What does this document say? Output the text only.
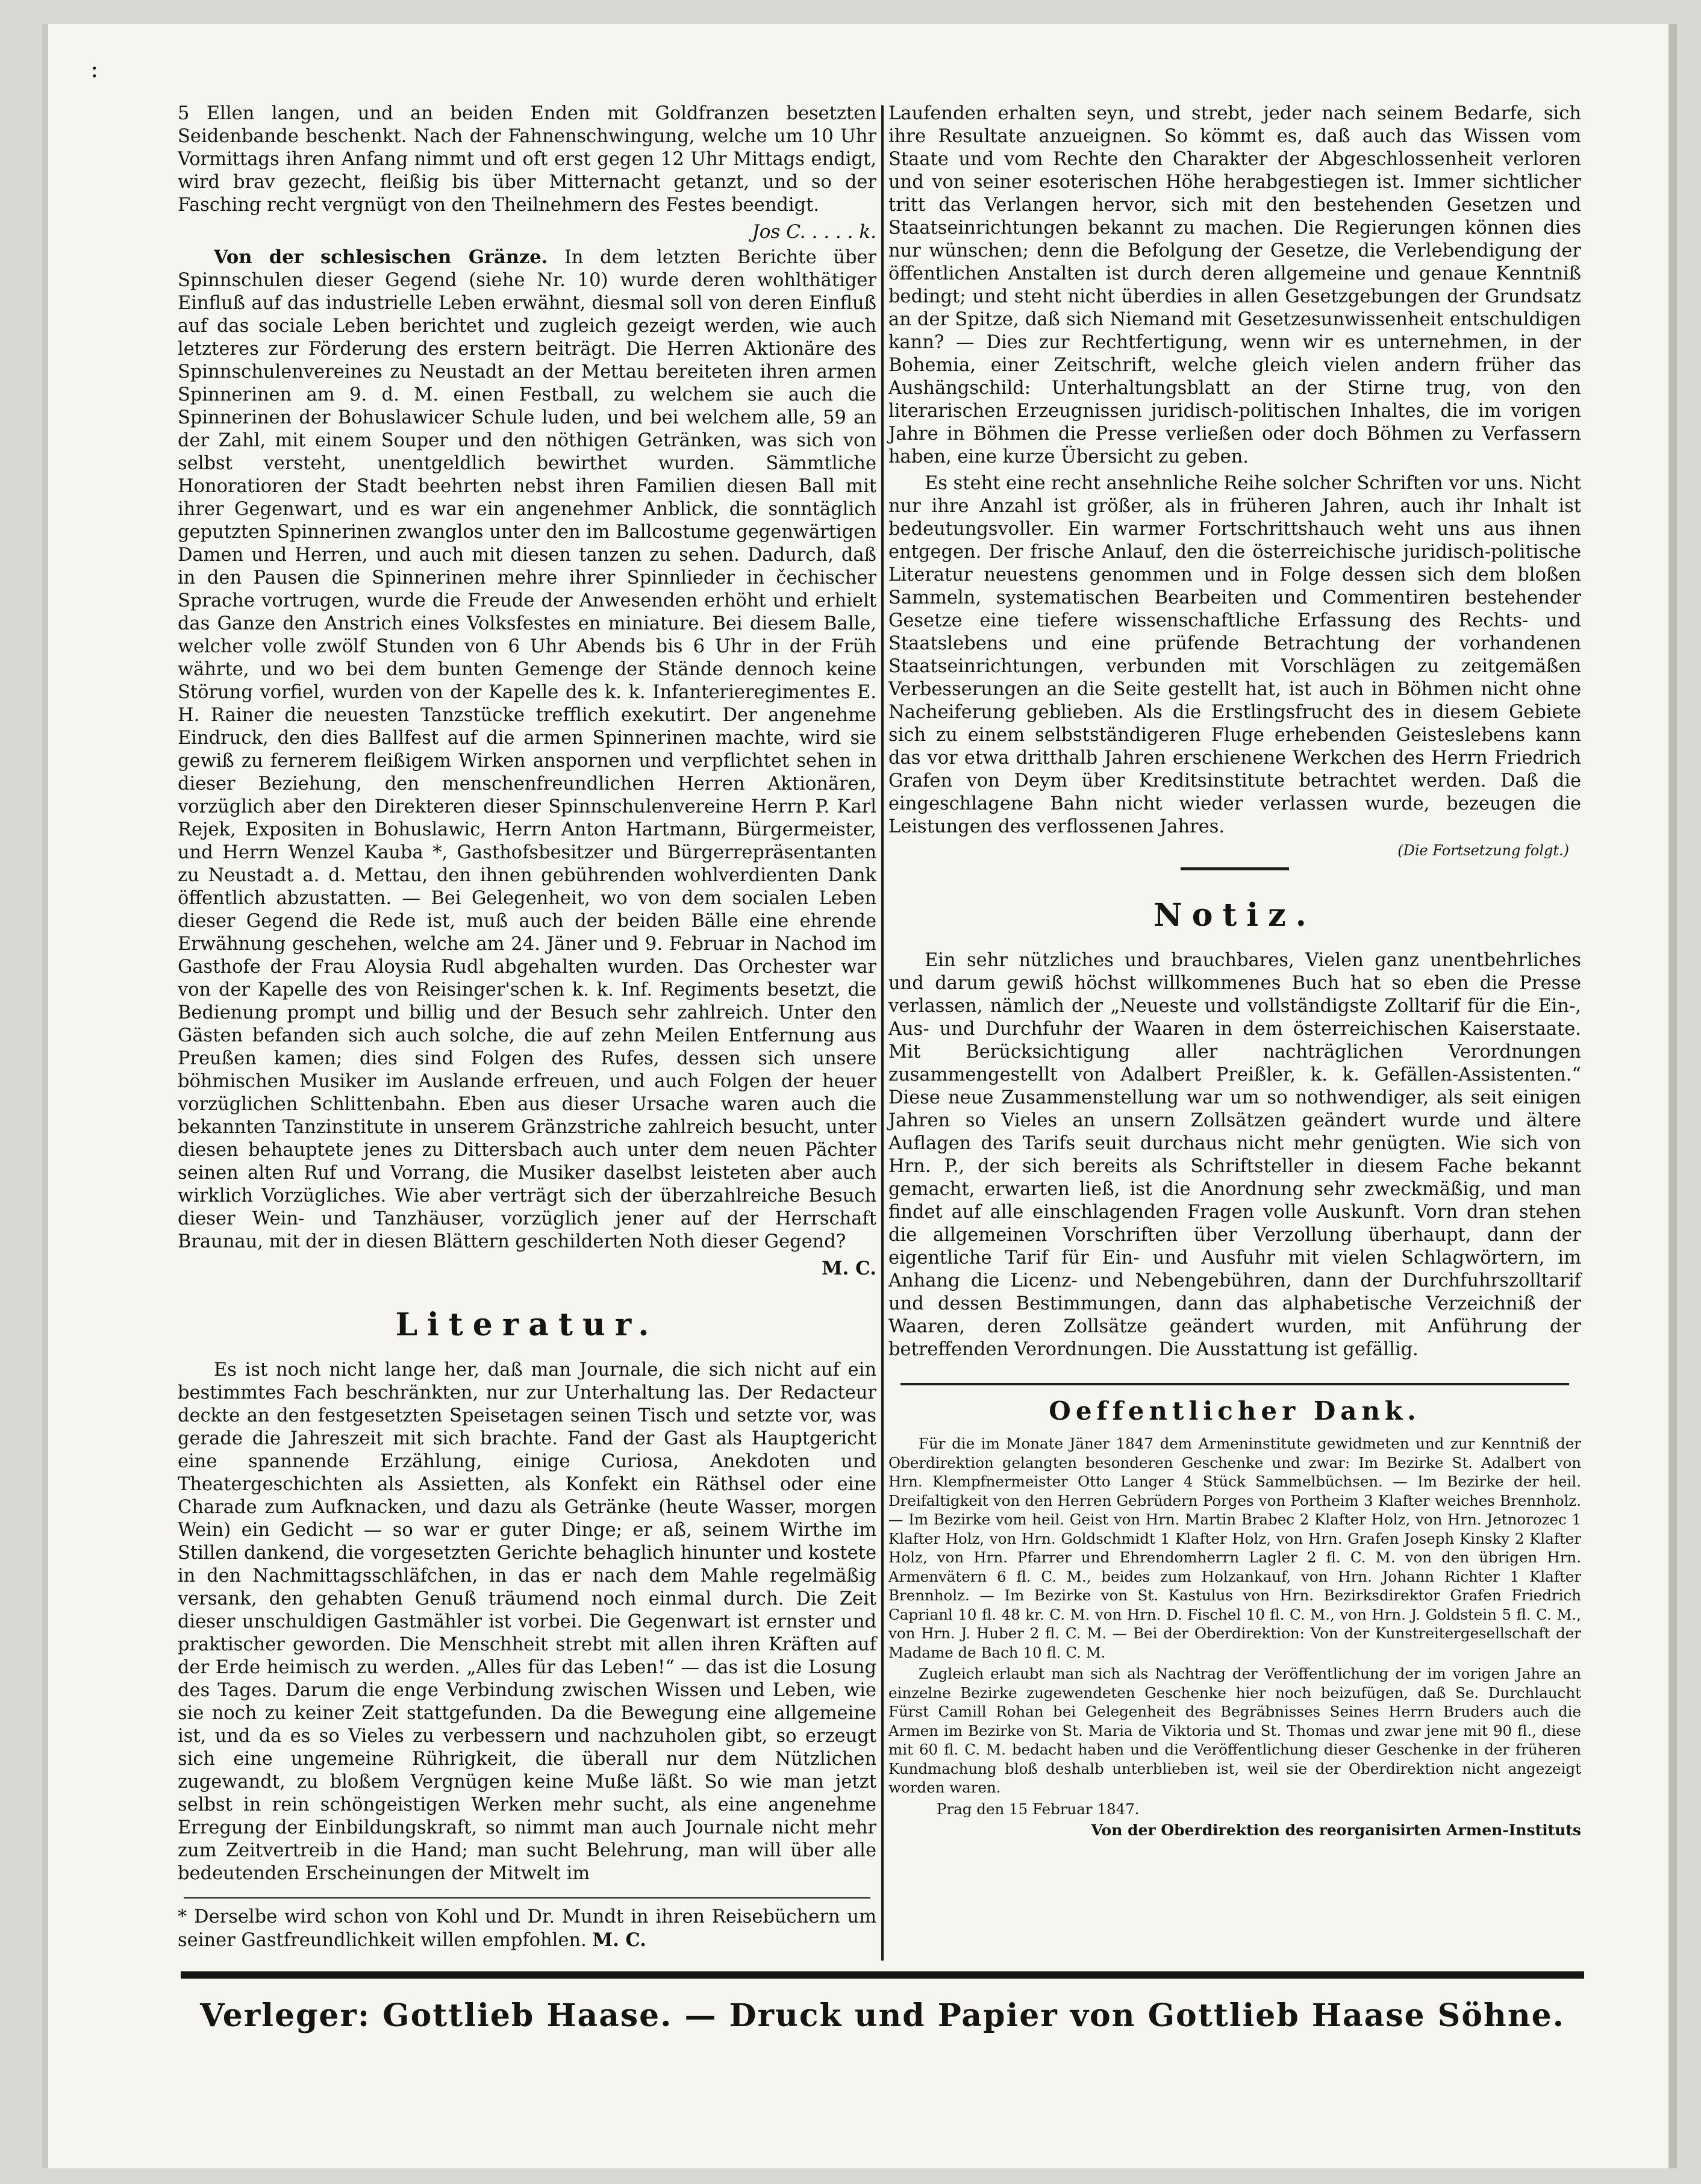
:

5 Ellen langen, und an beiden Enden mit Goldfranzen besetzten Seidenbande beschenkt. Nach der Fahnenschwingung, welche um 10 Uhr Vormittags ihren Anfang nimmt und oft erst gegen 12 Uhr Mittags endigt, wird brav gezecht, fleißig bis über Mitternacht getanzt, und so der Fasching recht vergnügt von den Theilnehmern des Festes beendigt.

Jos C. . . . . k.

Von der schlesischen Gränze. In dem letzten Berichte über Spinnschulen dieser Gegend (siehe Nr. 10) wurde deren wohlthätiger Einfluß auf das industrielle Leben erwähnt, diesmal soll von deren Einfluß auf das sociale Leben berichtet und zugleich gezeigt werden, wie auch letzteres zur Förderung des erstern beiträgt. Die Herren Aktionäre des Spinnschulenvereines zu Neustadt an der Mettau bereiteten ihren armen Spinnerinen am 9. d. M. einen Festball, zu welchem sie auch die Spinnerinen der Bohuslawicer Schule luden, und bei welchem alle, 59 an der Zahl, mit einem Souper und den nöthigen Getränken, was sich von selbst versteht, unentgeldlich bewirthet wurden. Sämmtliche Honoratioren der Stadt beehrten nebst ihren Familien diesen Ball mit ihrer Gegenwart, und es war ein angenehmer Anblick, die sonntäglich geputzten Spinnerinen zwanglos unter den im Ballcostume gegenwärtigen Damen und Herren, und auch mit diesen tanzen zu sehen. Dadurch, daß in den Pausen die Spinnerinen mehre ihrer Spinnlieder in čechischer Sprache vortrugen, wurde die Freude der Anwesenden erhöht und erhielt das Ganze den Anstrich eines Volksfestes en miniature. Bei diesem Balle, welcher volle zwölf Stunden von 6 Uhr Abends bis 6 Uhr in der Früh währte, und wo bei dem bunten Gemenge der Stände dennoch keine Störung vorfiel, wurden von der Kapelle des k. k. Infanterieregimentes E. H. Rainer die neuesten Tanzstücke trefflich exekutirt. Der angenehme Eindruck, den dies Ballfest auf die armen Spinnerinen machte, wird sie gewiß zu fernerem fleißigem Wirken anspornen und verpflichtet sehen in dieser Beziehung, den menschenfreundlichen Herren Aktionären, vorzüglich aber den Direkteren dieser Spinnschulenvereine Herrn P. Karl Rejek, Expositen in Bohuslawic, Herrn Anton Hartmann, Bürgermeister, und Herrn Wenzel Kauba *, Gasthofsbesitzer und Bürgerrepräsentanten zu Neustadt a. d. Mettau, den ihnen gebührenden wohlverdienten Dank öffentlich abzustatten. — Bei Gelegenheit, wo von dem socialen Leben dieser Gegend die Rede ist, muß auch der beiden Bälle eine ehrende Erwähnung geschehen, welche am 24. Jäner und 9. Februar in Nachod im Gasthofe der Frau Aloysia Rudl abgehalten wurden. Das Orchester war von der Kapelle des von Reisinger'schen k. k. Inf. Regiments besetzt, die Bedienung prompt und billig und der Besuch sehr zahlreich. Unter den Gästen befanden sich auch solche, die auf zehn Meilen Entfernung aus Preußen kamen; dies sind Folgen des Rufes, dessen sich unsere böhmischen Musiker im Auslande erfreuen, und auch Folgen der heuer vorzüglichen Schlittenbahn. Eben aus dieser Ursache waren auch die bekannten Tanzinstitute in unserem Gränzstriche zahlreich besucht, unter diesen behauptete jenes zu Dittersbach auch unter dem neuen Pächter seinen alten Ruf und Vorrang, die Musiker daselbst leisteten aber auch wirklich Vorzügliches. Wie aber verträgt sich der überzahlreiche Besuch dieser Wein- und Tanzhäuser, vorzüglich jener auf der Herrschaft Braunau, mit der in diesen Blättern geschilderten Noth dieser Gegend?

M. C.
Literatur.

Es ist noch nicht lange her, daß man Journale, die sich nicht auf ein bestimmtes Fach beschränkten, nur zur Unterhaltung las. Der Redacteur deckte an den festgesetzten Speisetagen seinen Tisch und setzte vor, was gerade die Jahreszeit mit sich brachte. Fand der Gast als Hauptgericht eine spannende Erzählung, einige Curiosa, Anekdoten und Theatergeschichten als Assietten, als Konfekt ein Räthsel oder eine Charade zum Aufknacken, und dazu als Getränke (heute Wasser, morgen Wein) ein Gedicht — so war er guter Dinge; er aß, seinem Wirthe im Stillen dankend, die vorgesetzten Gerichte behaglich hinunter und kostete in den Nachmittagsschläfchen, in das er nach dem Mahle regelmäßig versank, den gehabten Genuß träumend noch einmal durch. Die Zeit dieser unschuldigen Gastmähler ist vorbei. Die Gegenwart ist ernster und praktischer geworden. Die Menschheit strebt mit allen ihren Kräften auf der Erde heimisch zu werden. „Alles für das Leben!“ — das ist die Losung des Tages. Darum die enge Verbindung zwischen Wissen und Leben, wie sie noch zu keiner Zeit stattgefunden. Da die Bewegung eine allgemeine ist, und da es so Vieles zu verbessern und nachzuholen gibt, so erzeugt sich eine ungemeine Rührigkeit, die überall nur dem Nützlichen zugewandt, zu bloßem Vergnügen keine Muße läßt. So wie man jetzt selbst in rein schöngeistigen Werken mehr sucht, als eine angenehme Erregung der Einbildungskraft, so nimmt man auch Journale nicht mehr zum Zeitvertreib in die Hand; man sucht Belehrung, man will über alle bedeutenden Erscheinungen der Mitwelt im

* Derselbe wird schon von Kohl und Dr. Mundt in ihren Reisebüchern um seiner Gastfreundlichkeit willen empfohlen. M. C.

Laufenden erhalten seyn, und strebt, jeder nach seinem Bedarfe, sich ihre Resultate anzueignen. So kömmt es, daß auch das Wissen vom Staate und vom Rechte den Charakter der Abgeschlossenheit verloren und von seiner esoterischen Höhe herabgestiegen ist. Immer sichtlicher tritt das Verlangen hervor, sich mit den bestehenden Gesetzen und Staatseinrichtungen bekannt zu machen. Die Regierungen können dies nur wünschen; denn die Befolgung der Gesetze, die Verlebendigung der öffentlichen Anstalten ist durch deren allgemeine und genaue Kenntniß bedingt; und steht nicht überdies in allen Gesetzgebungen der Grundsatz an der Spitze, daß sich Niemand mit Gesetzesunwissenheit entschuldigen kann? — Dies zur Rechtfertigung, wenn wir es unternehmen, in der Bohemia, einer Zeitschrift, welche gleich vielen andern früher das Aushängschild: Unterhaltungsblatt an der Stirne trug, von den literarischen Erzeugnissen juridisch-politischen Inhaltes, die im vorigen Jahre in Böhmen die Presse verließen oder doch Böhmen zu Verfassern haben, eine kurze Übersicht zu geben.

Es steht eine recht ansehnliche Reihe solcher Schriften vor uns. Nicht nur ihre Anzahl ist größer, als in früheren Jahren, auch ihr Inhalt ist bedeutungsvoller. Ein warmer Fortschrittshauch weht uns aus ihnen entgegen. Der frische Anlauf, den die österreichische juridisch-politische Literatur neuestens genommen und in Folge dessen sich dem bloßen Sammeln, systematischen Bearbeiten und Commentiren bestehender Gesetze eine tiefere wissenschaftliche Erfassung des Rechts- und Staatslebens und eine prüfende Betrachtung der vorhandenen Staatseinrichtungen, verbunden mit Vorschlägen zu zeitgemäßen Verbesserungen an die Seite gestellt hat, ist auch in Böhmen nicht ohne Nacheiferung geblieben. Als die Erstlingsfrucht des in diesem Gebiete sich zu einem selbstständigeren Fluge erhebenden Geisteslebens kann das vor etwa dritthalb Jahren erschienene Werkchen des Herrn Friedrich Grafen von Deym über Kreditsinstitute betrachtet werden. Daß die eingeschlagene Bahn nicht wieder verlassen wurde, bezeugen die Leistungen des verflossenen Jahres.

(Die Fortsetzung folgt.)
Notiz.

Ein sehr nützliches und brauchbares, Vielen ganz unentbehrliches und darum gewiß höchst willkommenes Buch hat so eben die Presse verlassen, nämlich der „Neueste und vollständigste Zolltarif für die Ein-, Aus- und Durchfuhr der Waaren in dem österreichischen Kaiserstaate. Mit Berücksichtigung aller nachträglichen Verordnungen zusammengestellt von Adalbert Preißler, k. k. Gefällen-Assistenten.“ Diese neue Zusammenstellung war um so nothwendiger, als seit einigen Jahren so Vieles an unsern Zollsätzen geändert wurde und ältere Auflagen des Tarifs seuit durchaus nicht mehr genügten. Wie sich von Hrn. P., der sich bereits als Schriftsteller in diesem Fache bekannt gemacht, erwarten ließ, ist die Anordnung sehr zweckmäßig, und man findet auf alle einschlagenden Fragen volle Auskunft. Vorn dran stehen die allgemeinen Vorschriften über Verzollung überhaupt, dann der eigentliche Tarif für Ein- und Ausfuhr mit vielen Schlagwörtern, im Anhang die Licenz- und Nebengebühren, dann der Durchfuhrszolltarif und dessen Bestimmungen, dann das alphabetische Verzeichniß der Waaren, deren Zollsätze geändert wurden, mit Anführung der betreffenden Verordnungen. Die Ausstattung ist gefällig.

Oeffentlicher Dank.

Für die im Monate Jäner 1847 dem Armeninstitute gewidmeten und zur Kenntniß der Oberdirektion gelangten besonderen Geschenke und zwar: Im Bezirke St. Adalbert von Hrn. Klempfnermeister Otto Langer 4 Stück Sammelbüchsen. — Im Bezirke der heil. Dreifaltigkeit von den Herren Gebrüdern Porges von Portheim 3 Klafter weiches Brennholz. — Im Bezirke vom heil. Geist von Hrn. Martin Brabec 2 Klafter Holz, von Hrn. Jetnorozec 1 Klafter Holz, von Hrn. Goldschmidt 1 Klafter Holz, von Hrn. Grafen Joseph Kinsky 2 Klafter Holz, von Hrn. Pfarrer und Ehrendomherrn Lagler 2 fl. C. M. von den übrigen Hrn. Armenvätern 6 fl. C. M., beides zum Holzankauf, von Hrn. Johann Richter 1 Klafter Brennholz. — Im Bezirke von St. Kastulus von Hrn. Bezirksdirektor Grafen Friedrich Caprianl 10 fl. 48 kr. C. M. von Hrn. D. Fischel 10 fl. C. M., von Hrn. J. Goldstein 5 fl. C. M., von Hrn. J. Huber 2 fl. C. M. — Bei der Oberdirektion: Von der Kunstreitergesellschaft der Madame de Bach 10 fl. C. M.

Zugleich erlaubt man sich als Nachtrag der Veröffentlichung der im vorigen Jahre an einzelne Bezirke zugewendeten Geschenke hier noch beizufügen, daß Se. Durchlaucht Fürst Camill Rohan bei Gelegenheit des Begräbnisses Seines Herrn Bruders auch die Armen im Bezirke von St. Maria de Viktoria und St. Thomas und zwar jene mit 90 fl., diese mit 60 fl. C. M. bedacht haben und die Veröffentlichung dieser Geschenke in der früheren Kundmachung bloß deshalb unterblieben ist, weil sie der Oberdirektion nicht angezeigt worden waren.

Prag den 15 Februar 1847.

Von der Oberdirektion des reorganisirten Armen-Instituts

Verleger: Gottlieb Haase. — Druck und Papier von Gottlieb Haase Söhne.
